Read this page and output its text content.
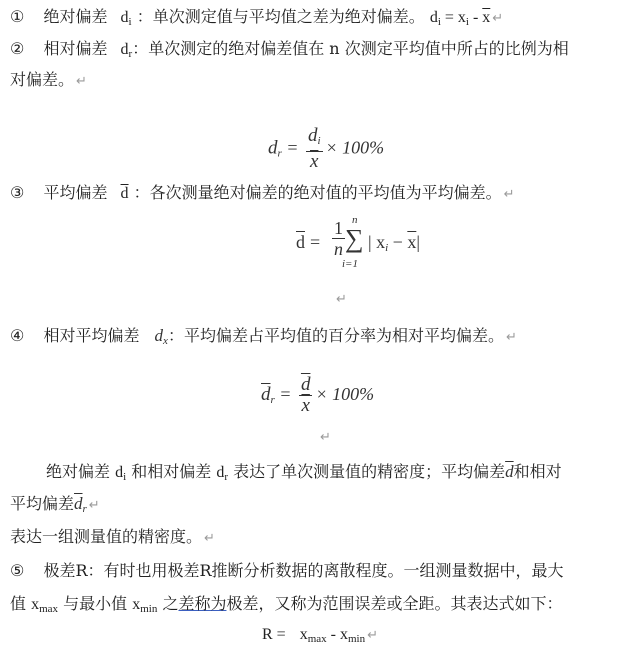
① 绝对偏差 $d_i$ ：单次测定值与平均值之差为绝对偏差。 $d_i = x_i - \overline{x}$ ↵
② 相对偏差 $d_r$：单次测定的绝对偏差值在 n 次测定平均值中所占的比例为相
对偏差。 ↵
$d_r = \frac{d_i}{x} \times 100\%$
③ 平均偏差 $\overline{d}$ ：各次测量绝对偏差的绝对值的平均值为平均偏差。 ↵
$\overline{d} = \frac{1}{n}$ n
∑
i=1
| $x_i - \overline{x}|$
↵
④ 相对平均偏差 $d_x$：平均偏差占平均值的百分率为相对平均偏差。 ↵
$\overline{d}_r = \frac{\overline{d}}{x} \times 100\%$
↵
绝对偏差 $d_i$ 和相对偏差 $d_r$ 表达了单次测量值的精密度；平均偏差$\overline{d}$和相对
平均偏差$\overline{d}_r$ ↵
表达一组测量值的精密度。 ↵
⑤ 极差R：有时也用极差R推断分析数据的离散程度。一组测量数据中，最大
值 $x_{max}$ 与最小值 $x_{min}$ 之差称为极差，又称为范围误差或全距。其表达式如下：
$R = x_{max} - x_{min}$ ↵
